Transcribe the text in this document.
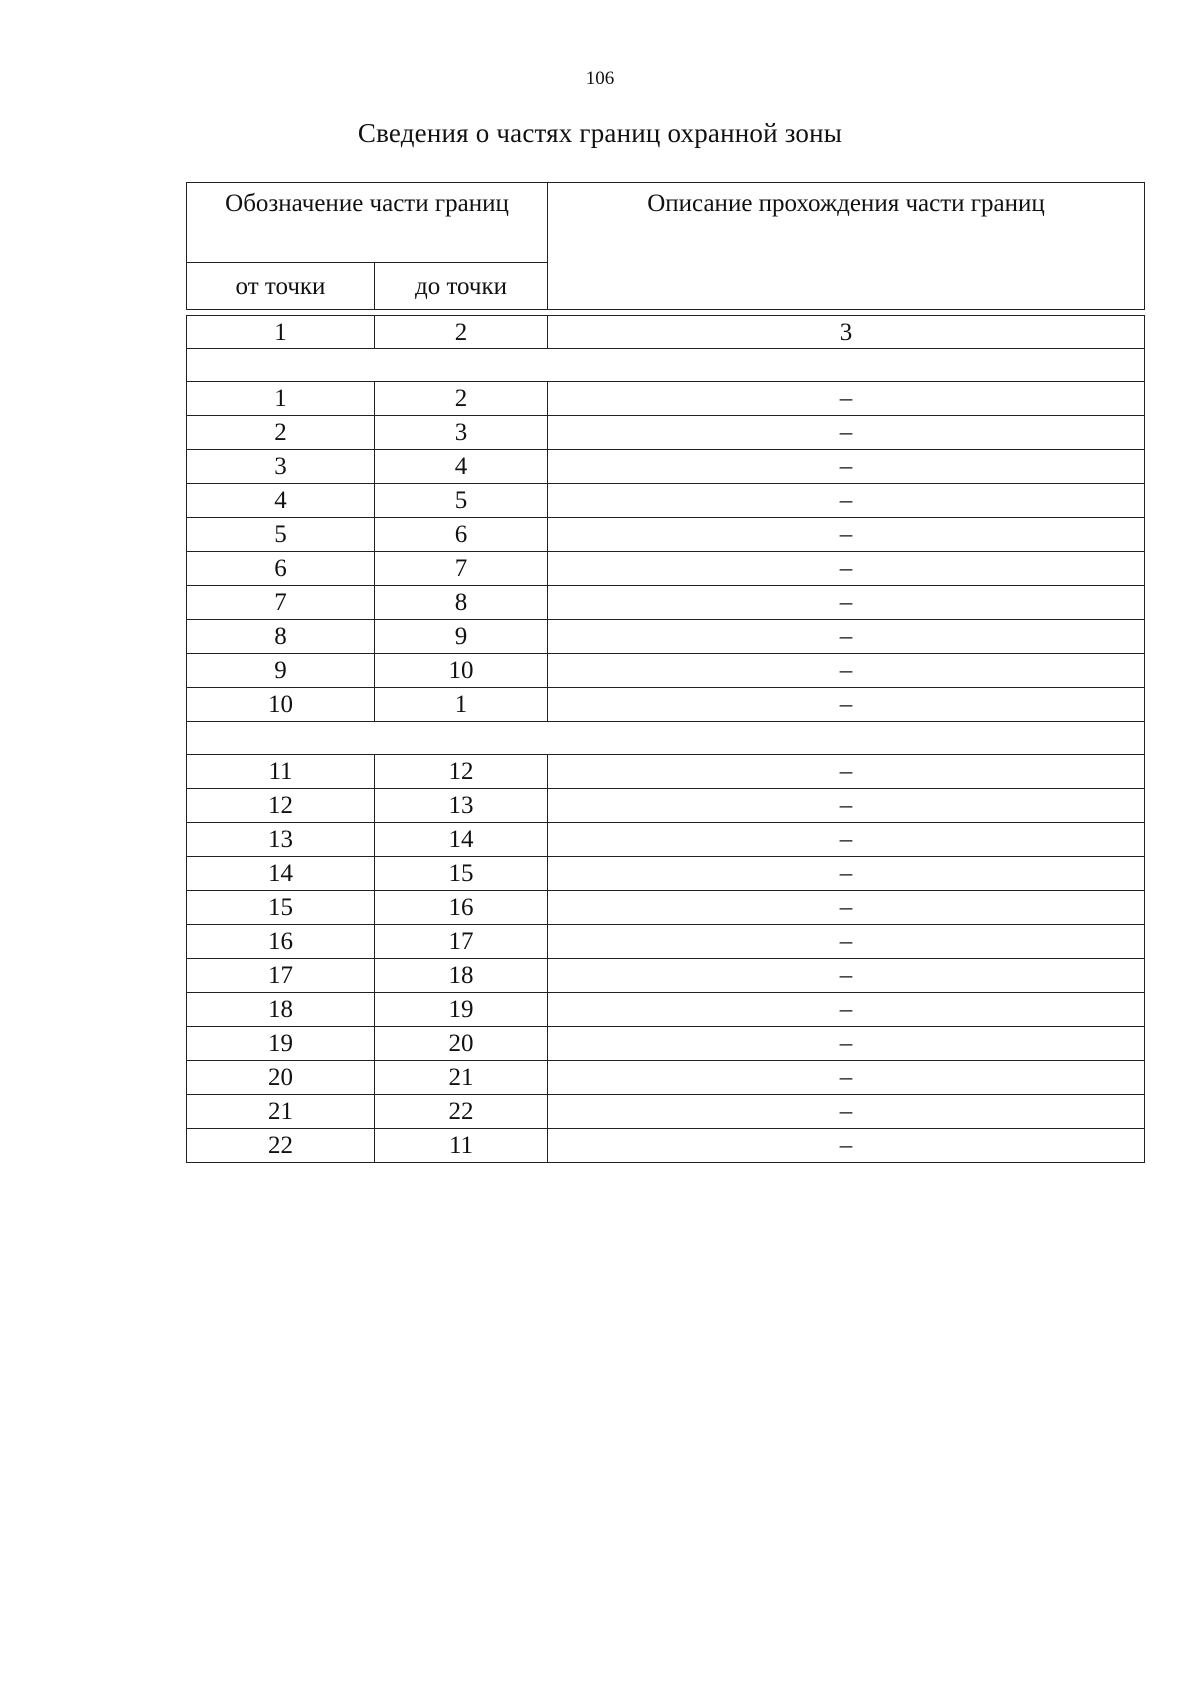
106
Сведения о частях границ охранной зоны
Обозначение части границ		Описание прохождения части границ
от точки	до точки	

1	2	3

1	2	–
2	3	–
3	4	–
4	5	–
5	6	–
6	7	–
7	8	–
8	9	–
9	10	–
10	1	–

11	12	–
12	13	–
13	14	–
14	15	–
15	16	–
16	17	–
17	18	–
18	19	–
19	20	–
20	21	–
21	22	–
22	11	–
